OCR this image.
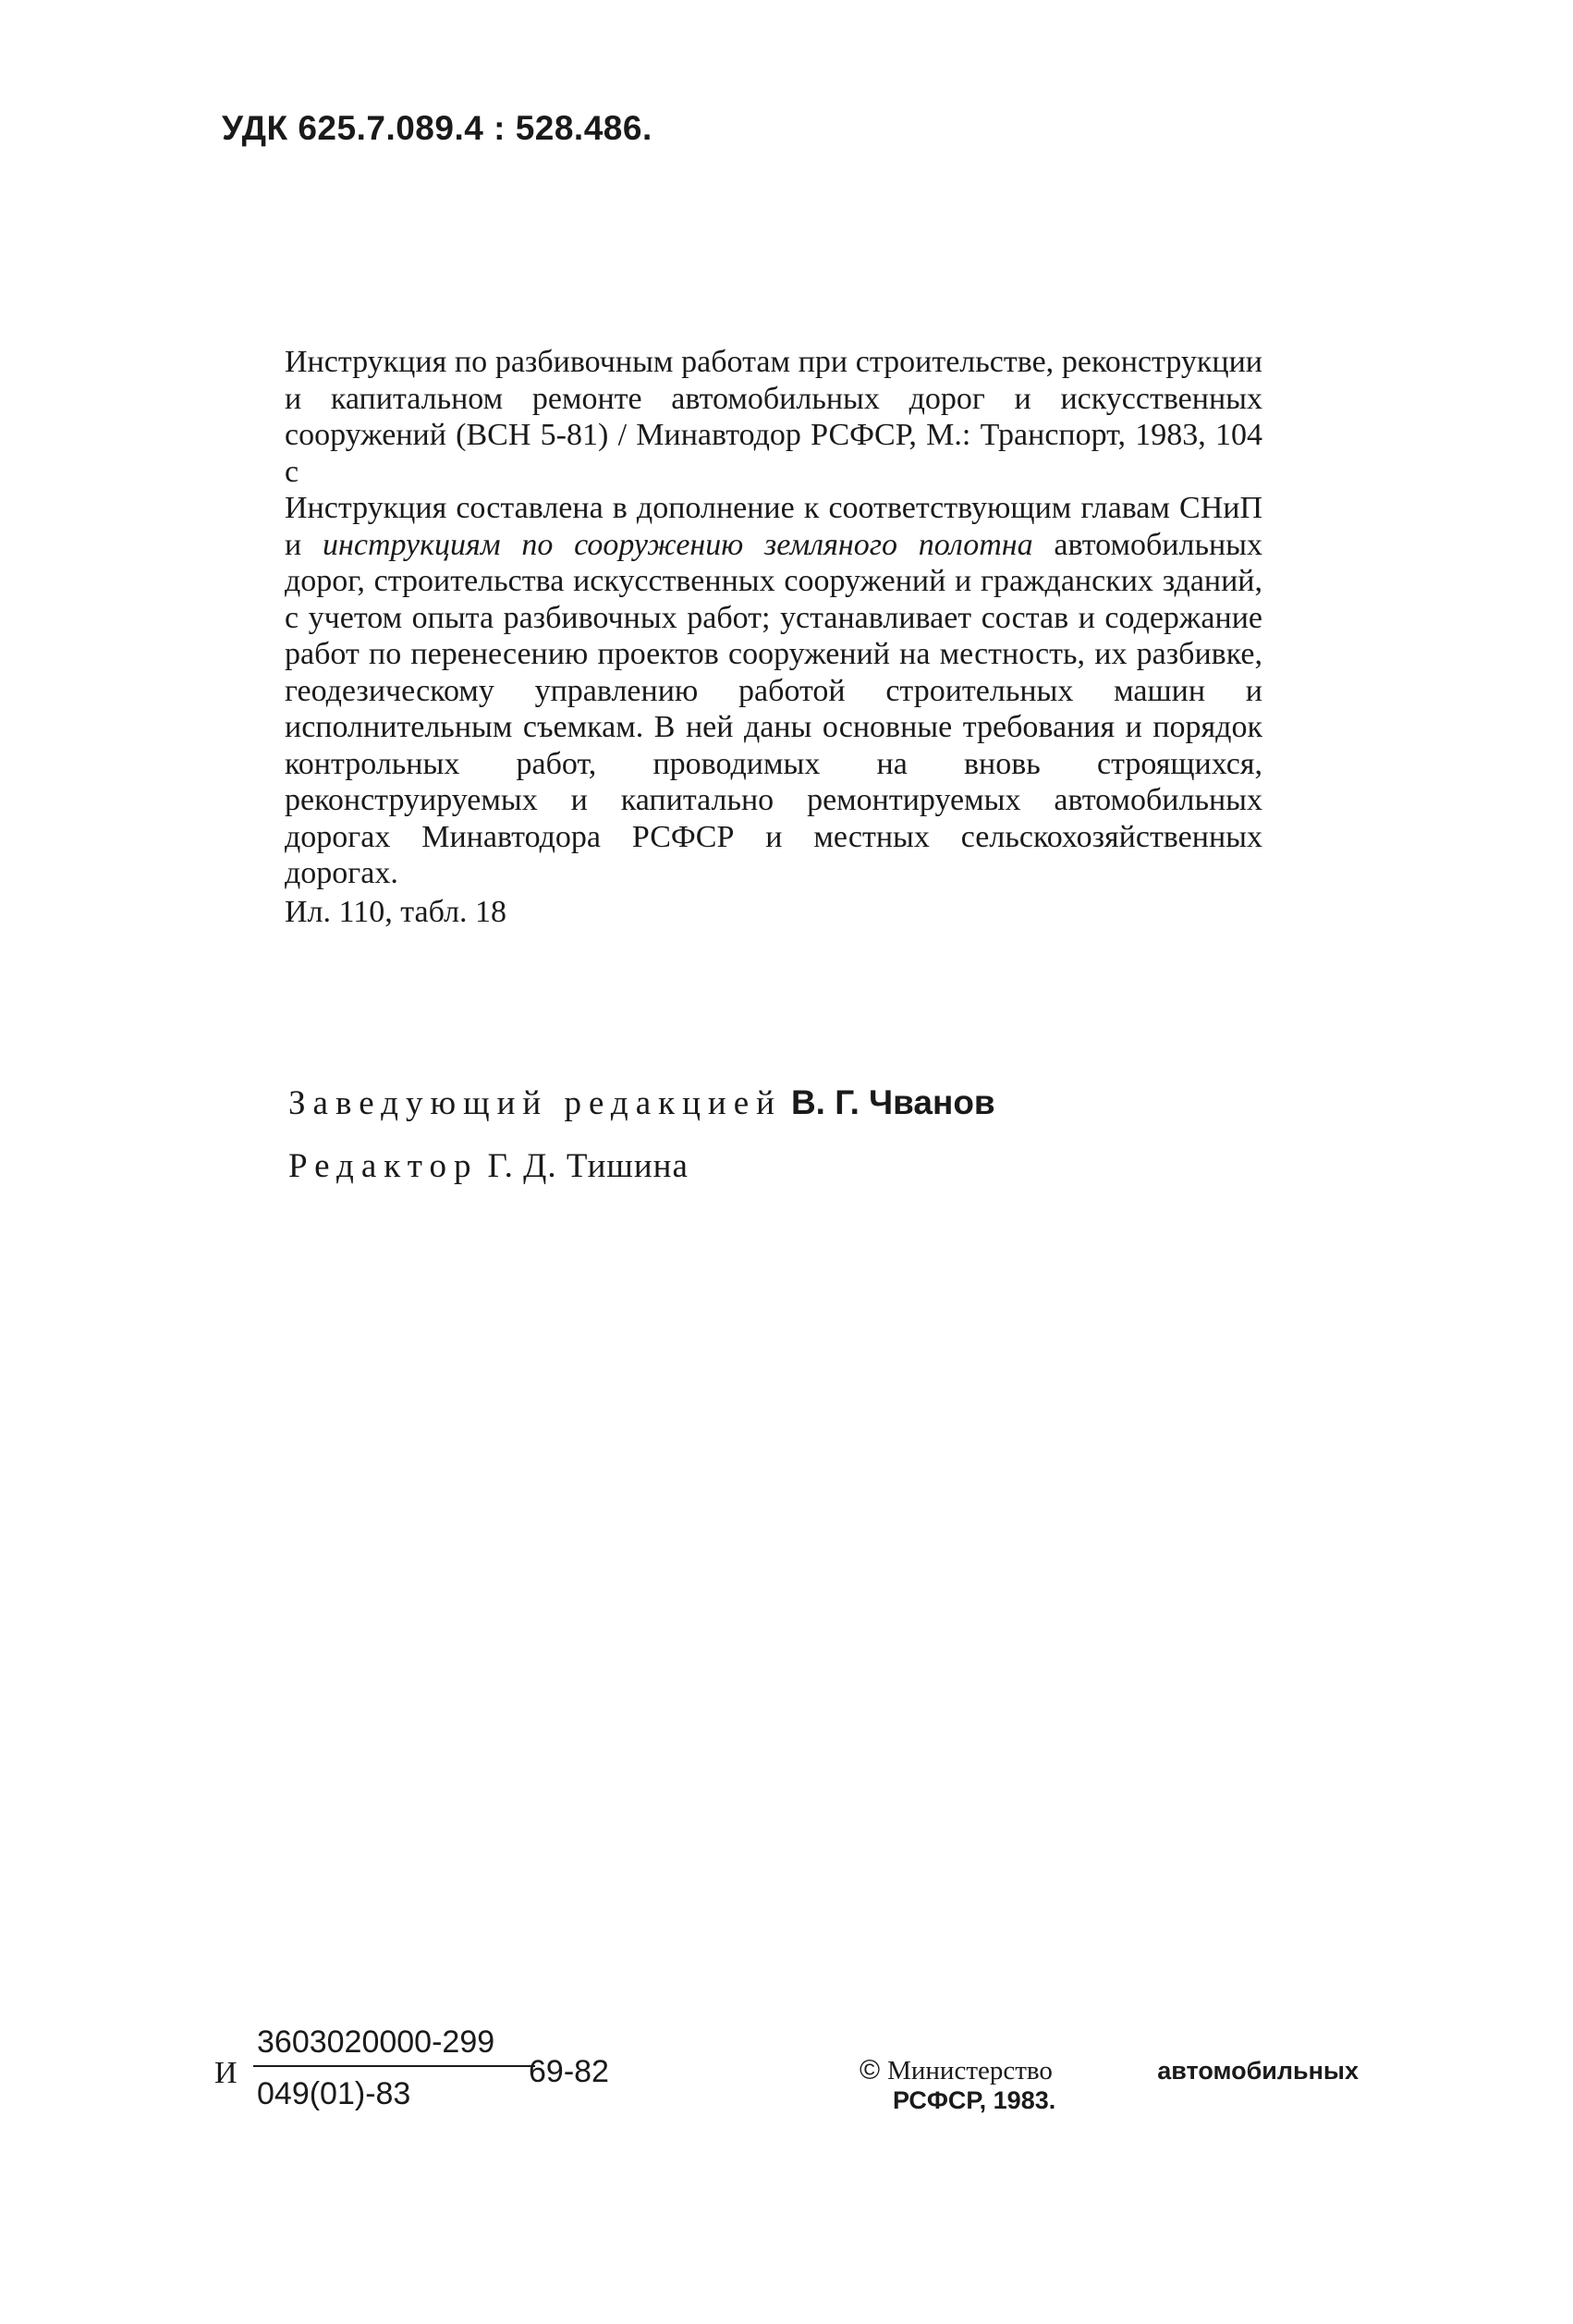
УДК 625.7.089.4 : 528.486.

Инструкция по разбивочным работам при строительстве, реконструкции и капитальном ремонте автомобильных дорог и искусственных сооружений (ВСН 5-81) / Минавтодор РСФСР, М.: Транспорт, 1983, 104 с

Инструкция составлена в дополнение к соответствующим главам СНиП и инструкциям по сооружению земляного полотна автомобильных дорог, строительства искусственных сооружений и гражданских зданий, с учетом опыта разбивочных работ; устанавливает состав и содержание работ по перенесению проектов сооружений на местность, их разбивке, геодезическому управлению работой строительных машин и исполнительным съемкам. В ней даны основные требования и порядок контрольных работ, проводимых на вновь строящихся, реконструируемых и капитально ремонтируемых автомобильных дорогах Минавтодора РСФСР и местных сельскохозяйственных дорогах.

Ил. 110, табл. 18

Заведующий редакцией В. Г. Чванов
Редактор Г. Д. Тишина
И
3603020000-299
049(01)-83
69-82	© Министерство	автомобильных
РСФСР, 1983.
